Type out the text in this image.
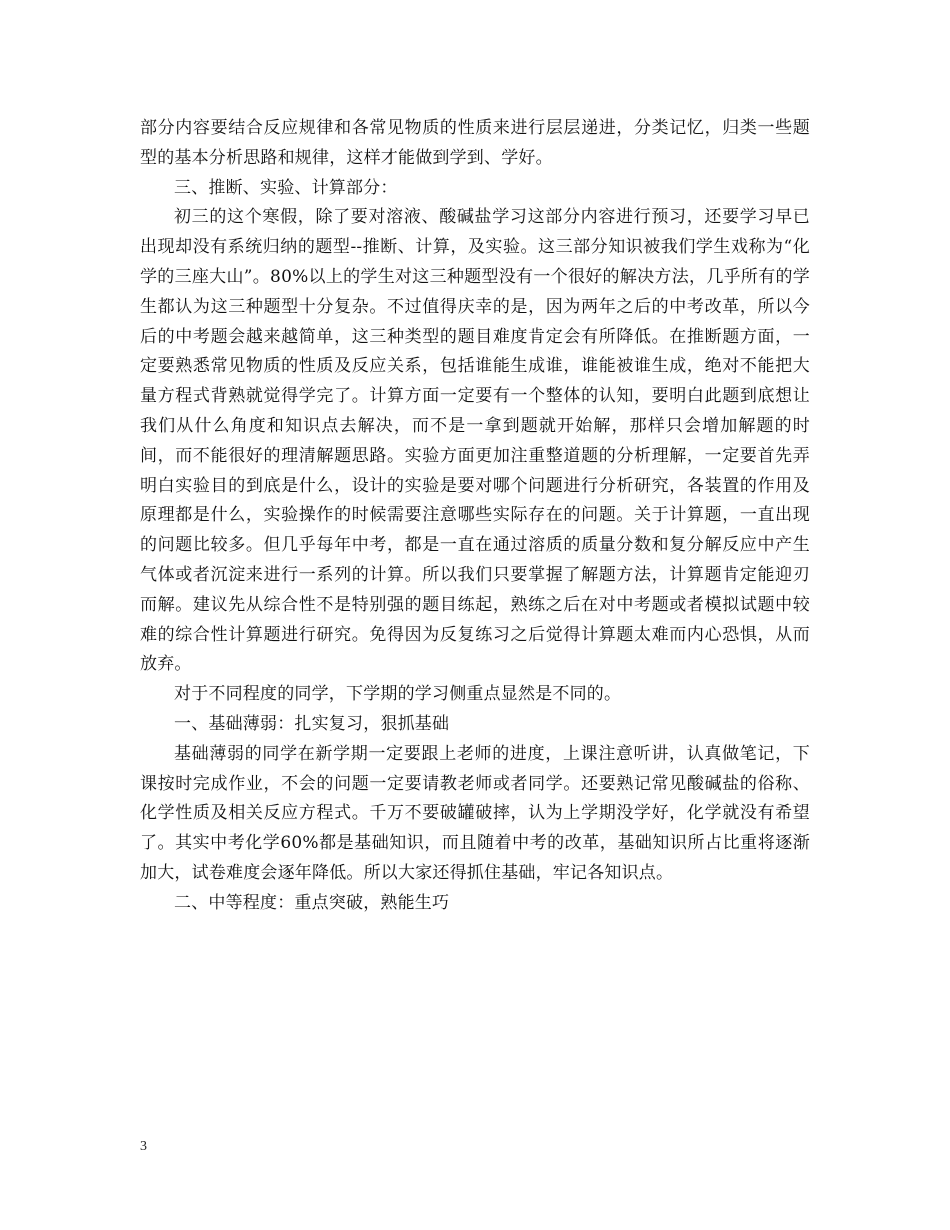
部分内容要结合反应规律和各常见物质的性质来进行层层递进，分类记忆，归类一些题型的基本分析思路和规律，这样才能做到学到、学好。

三、推断、实验、计算部分：

初三的这个寒假，除了要对溶液、酸碱盐学习这部分内容进行预习，还要学习早已出现却没有系统归纳的题型--推断、计算，及实验。这三部分知识被我们学生戏称为“化学的三座大山”。80%以上的学生对这三种题型没有一个很好的解决方法，几乎所有的学生都认为这三种题型十分复杂。不过值得庆幸的是，因为两年之后的中考改革，所以今后的中考题会越来越简单，这三种类型的题目难度肯定会有所降低。在推断题方面，一定要熟悉常见物质的性质及反应关系，包括谁能生成谁，谁能被谁生成，绝对不能把大量方程式背熟就觉得学完了。计算方面一定要有一个整体的认知，要明白此题到底想让我们从什么角度和知识点去解决，而不是一拿到题就开始解，那样只会增加解题的时间，而不能很好的理清解题思路。实验方面更加注重整道题的分析理解，一定要首先弄明白实验目的到底是什么，设计的实验是要对哪个问题进行分析研究，各装置的作用及原理都是什么，实验操作的时候需要注意哪些实际存在的问题。关于计算题，一直出现的问题比较多。但几乎每年中考，都是一直在通过溶质的质量分数和复分解反应中产生气体或者沉淀来进行一系列的计算。所以我们只要掌握了解题方法，计算题肯定能迎刃而解。建议先从综合性不是特别强的题目练起，熟练之后在对中考题或者模拟试题中较难的综合性计算题进行研究。免得因为反复练习之后觉得计算题太难而内心恐惧，从而放弃。

对于不同程度的同学，下学期的学习侧重点显然是不同的。

一、基础薄弱：扎实复习，狠抓基础

基础薄弱的同学在新学期一定要跟上老师的进度，上课注意听讲，认真做笔记，下课按时完成作业，不会的问题一定要请教老师或者同学。还要熟记常见酸碱盐的俗称、化学性质及相关反应方程式。千万不要破罐破摔，认为上学期没学好，化学就没有希望了。其实中考化学60%都是基础知识，而且随着中考的改革，基础知识所占比重将逐渐加大，试卷难度会逐年降低。所以大家还得抓住基础，牢记各知识点。

二、中等程度：重点突破，熟能生巧

3
